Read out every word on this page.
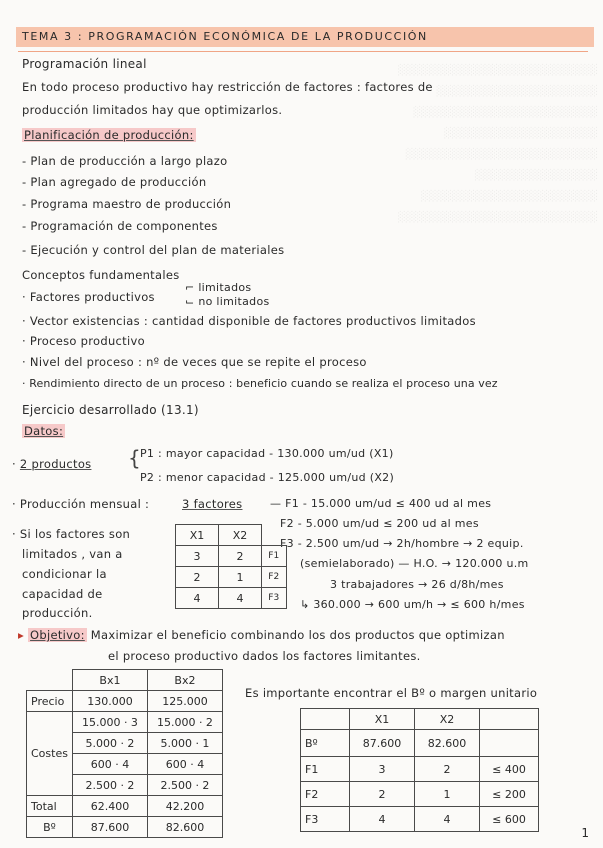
░░░░░░░░░░░░░░░░░░░░░░░░░░
░░░░░░░░░░░░░░░░░░░░░
░░░░░░░░░░░░░░░░░░░░░░░░
░░░░░░░░░░░░░░░░░░░░
░░░░░░░░░░░░░░░░░░░░░░░░░
░░░░░░░░░░░░░░░░
░░░░░░░░░░░░░░░░░░░░░░░
░░░░░░░░░░░░░░░░░░░░░░░░░░
TEMA 3 : PROGRAMACIÓN ECONÓMICA DE LA PRODUCCIÓN
Programación lineal
En todo proceso productivo hay restricción de factores : factores de
producción limitados hay que optimizarlos.
Planificación de producción:
- Plan de producción a largo plazo
- Plan agregado de producción
- Programa maestro de producción
- Programación de componentes
- Ejecución y control del plan de materiales
Conceptos fundamentales
· Factores productivos
⌐ limitados
⌙ no limitados
· Vector existencias : cantidad disponible de factores productivos limitados
· Proceso productivo
· Nivel del proceso : nº de veces que se repite el proceso
· Rendimiento directo de un proceso : beneficio cuando se realiza el proceso una vez
Ejercicio desarrollado (13.1)
Datos:
· 2 productos {
P1 : mayor capacidad - 130.000 um/ud (X1)
P2 : menor capacidad - 125.000 um/ud (X2)
· Producción mensual :	3 factores	— F1 - 15.000 um/ud ≤ 400 ud al mes
F2 - 5.000 um/ud ≤ 200 ud al mes
F3 - 2.500 um/ud → 2h/hombre → 2 equip.
(semielaborado) — H.O. → 120.000 u.m
3 trabajadores → 26 d/8h/mes
↳ 360.000 → 600 um/h → ≤ 600 h/mes
· Si los factores son
limitados , van a
condicionar la
capacidad de
producción.
X1	X2	
3	2	F1
2	1	F2
4	4	F3
▸ Objetivo: Maximizar el beneficio combinando los dos productos que optimizan
el proceso productivo dados los factores limitantes.
Es importante encontrar el Bº o margen unitario
	Bx1	Bx2
Precio	130.000	125.000
Costes	15.000 · 3	15.000 · 2
	5.000 · 2	5.000 · 1
	600 · 4	600 · 4
	2.500 · 2	2.500 · 2
Total	62.400	42.200
Bº	87.600	82.600
	X1	X2	
Bº	87.600	82.600	
F1	3	2	≤ 400
F2	2	1	≤ 200
F3	4	4	≤ 600
1
